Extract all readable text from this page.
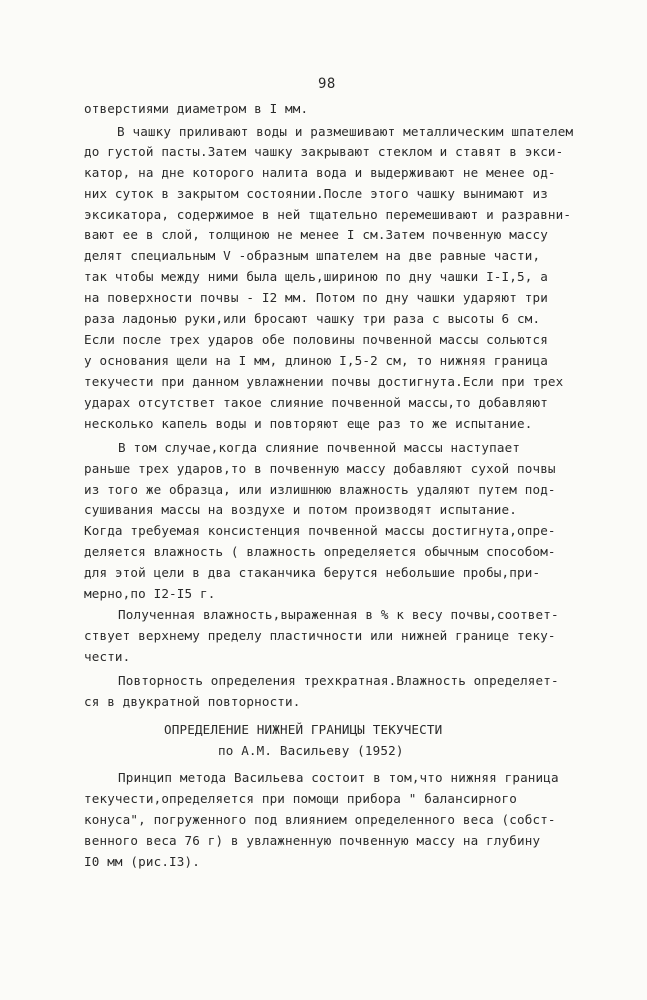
98
отверстиями диаметром в I мм.
В чашку приливают воды и размешивают металлическим шпателем
до густой пасты.Затем чашку закрывают стеклом и ставят в экси-
катор, на дне которого налита вода и выдерживают не менее од-
них суток в закрытом состоянии.После этого чашку вынимают из
эксикатора, содержимое в ней тщательно перемешивают и разравни-
вают ее в слой, толщиною не менее I см.Затем почвенную массу
делят специальным V -образным шпателем на две равные части,
так чтобы между ними была щель,шириною по дну чашки I-I,5, а
на поверхности почвы - I2 мм. Потом по дну чашки ударяют три
раза ладонью руки,или бросают чашку три раза с высоты 6 см.
Если после трех ударов обе половины почвенной массы сольются
у основания щели на I мм, длиною I,5-2 см, то нижняя граница
текучести при данном увлажнении почвы достигнута.Если при трех
ударах отсутствет такое слияние почвенной массы,то добавляют
несколько капель воды и повторяют еще раз то же испытание.
В том случае,когда слияние почвенной массы наступает
раньше трех ударов,то в почвенную массу добавляют сухой почвы
из того же образца, или излишнюю влажность удаляют путем под-
сушивания массы на воздухе и потом производят испытание.
Когда требуемая консистенция почвенной массы достигнута,опре-
деляется влажность ( влажность определяется обычным способом-
для этой цели в два стаканчика берутся небольшие пробы,при-
мерно,по I2-I5 г.
Полученная влажность,выраженная в % к весу почвы,соответ-
ствует верхнему пределу пластичности или нижней границе теку-
чести.
Повторность определения трехкратная.Влажность определяет-
ся в двукратной повторности.
ОПРЕДЕЛЕНИЕ НИЖНЕЙ ГРАНИЦЫ ТЕКУЧЕСТИ
по А.М. Васильеву (1952)
Принцип метода Васильева состоит в том,что нижняя граница
текучести,определяется при помощи прибора " балансирного
конуса", погруженного под влиянием определенного веса (собст-
венного веса 76 г) в увлажненную почвенную массу на глубину
I0 мм (рис.I3).
